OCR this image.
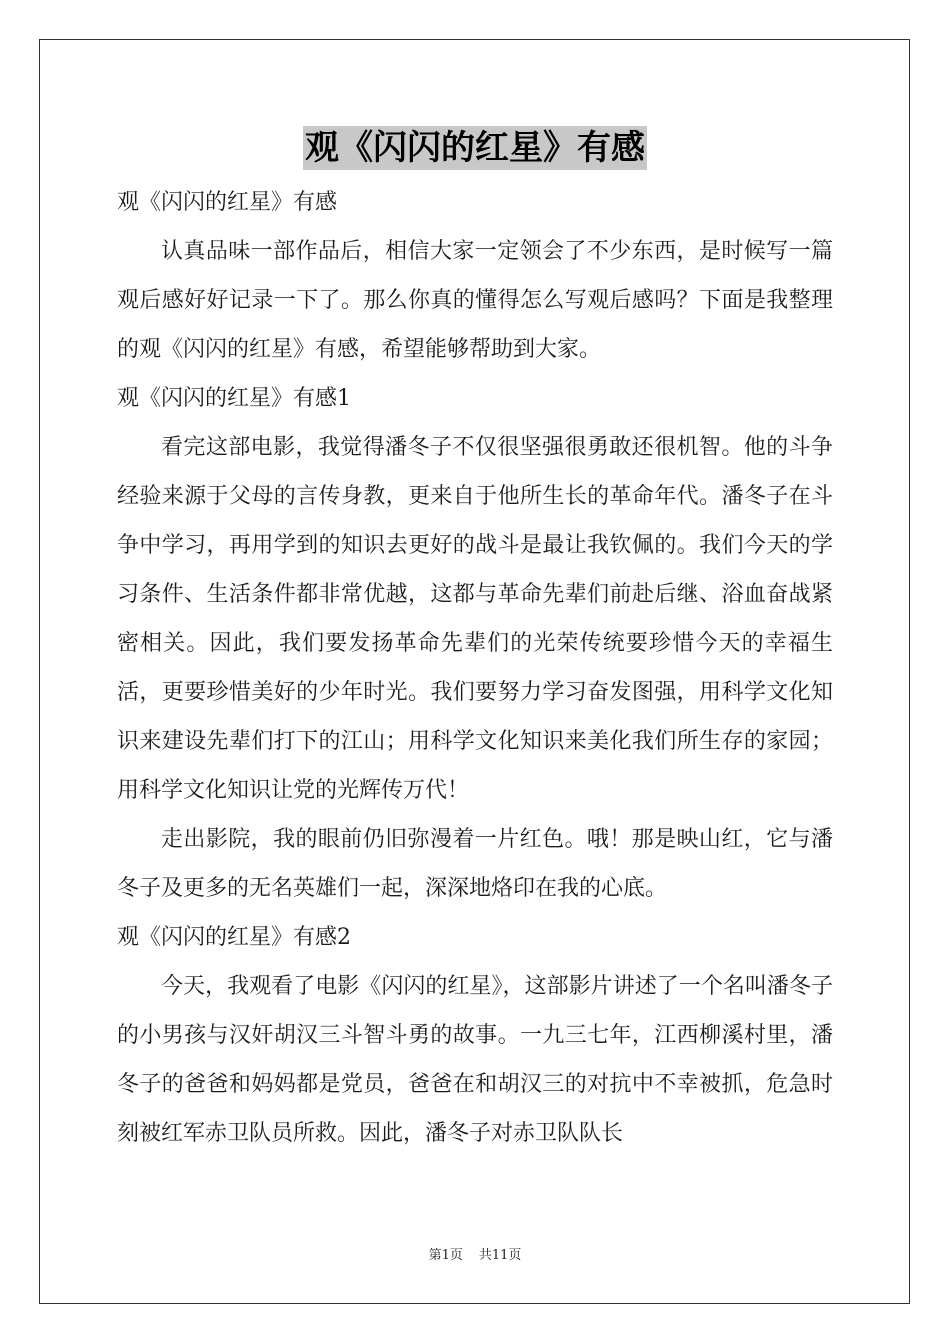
观《闪闪的红星》有感

观《闪闪的红星》有感

认真品味一部作品后，相信大家一定领会了不少东西，是时候写一篇观后感好好记录一下了。那么你真的懂得怎么写观后感吗？下面是我整理的观《闪闪的红星》有感，希望能够帮助到大家。

观《闪闪的红星》有感1

看完这部电影，我觉得潘冬子不仅很坚强很勇敢还很机智。他的斗争经验来源于父母的言传身教，更来自于他所生长的革命年代。潘冬子在斗争中学习，再用学到的知识去更好的战斗是最让我钦佩的。我们今天的学习条件、生活条件都非常优越，这都与革命先辈们前赴后继、浴血奋战紧密相关。因此，我们要发扬革命先辈们的光荣传统要珍惜今天的幸福生活，更要珍惜美好的少年时光。我们要努力学习奋发图强，用科学文化知识来建设先辈们打下的江山；用科学文化知识来美化我们所生存的家园；用科学文化知识让党的光辉传万代！

走出影院，我的眼前仍旧弥漫着一片红色。哦！那是映山红，它与潘冬子及更多的无名英雄们一起，深深地烙印在我的心底。

观《闪闪的红星》有感2

今天，我观看了电影《闪闪的红星》，这部影片讲述了一个名叫潘冬子的小男孩与汉奸胡汉三斗智斗勇的故事。一九三七年，江西柳溪村里，潘冬子的爸爸和妈妈都是党员，爸爸在和胡汉三的对抗中不幸被抓，危急时刻被红军赤卫队员所救。因此，潘冬子对赤卫队队长

第1页 共11页
